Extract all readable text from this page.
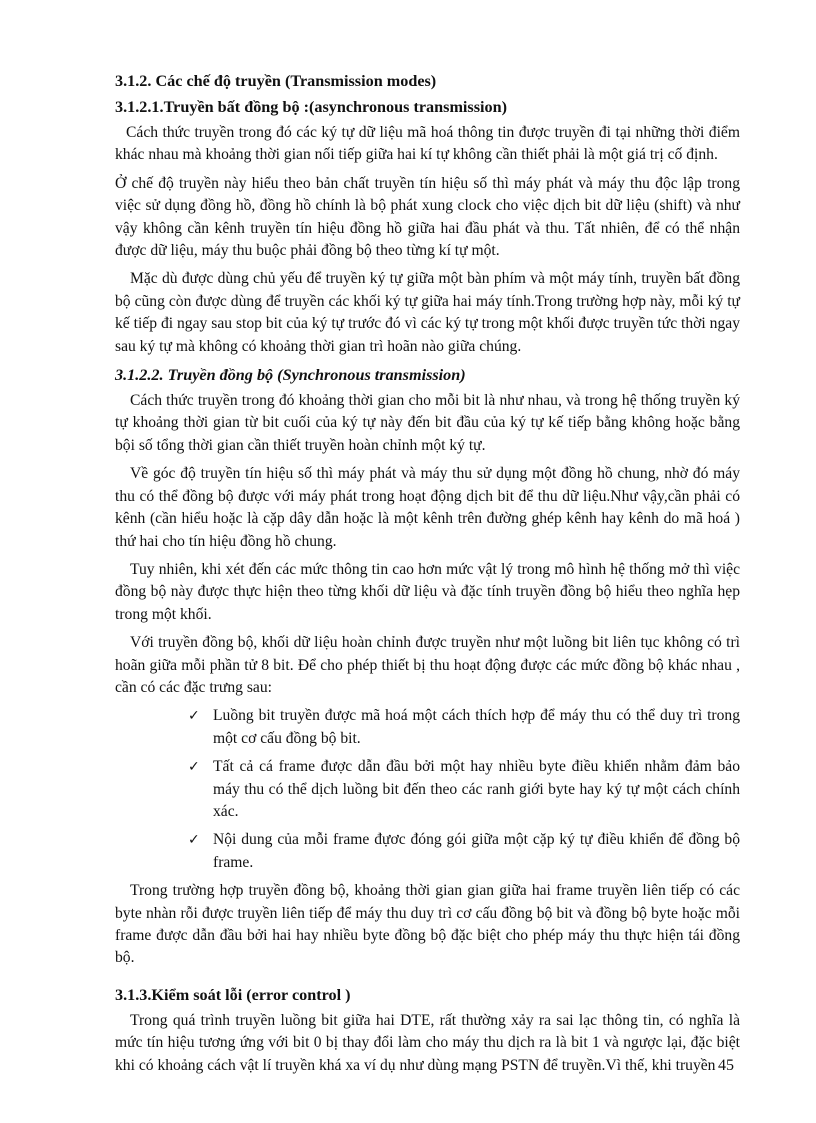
3.1.2. Các chế độ truyền (Transmission modes)
3.1.2.1.Truyền bất đồng bộ :(asynchronous transmission)

Cách thức truyền trong đó các ký tự dữ liệu mã hoá thông tin được truyền đi tại những thời điểm khác nhau mà khoảng thời gian nối tiếp giữa hai kí tự không cần thiết phải là một giá trị cố định.

Ở chế độ truyền này hiểu theo bản chất truyền tín hiệu số thì máy phát và máy thu độc lập trong việc sử dụng đồng hồ, đồng hồ chính là bộ phát xung clock cho việc dịch bit dữ liệu (shift) và như vậy không cần kênh truyền tín hiệu đồng hồ giữa hai đầu phát và thu. Tất nhiên, để có thể nhận được dữ liệu, máy thu buộc phải đồng bộ theo từng kí tự một.

Mặc dù được dùng chủ yếu để truyền ký tự giữa một bàn phím và một máy tính, truyền bất đồng bộ cũng còn được dùng để truyền các khối ký tự giữa hai máy tính.Trong trường hợp này, mỗi ký tự kế tiếp đi ngay sau stop bit của ký tự trước đó vì các ký tự trong một khối được truyền tức thời ngay sau ký tự mà không có khoảng thời gian trì hoãn nào giữa chúng.

3.1.2.2. Truyền đồng bộ (Synchronous transmission)

Cách thức truyền trong đó khoảng thời gian cho mỗi bit là như nhau, và trong hệ thống truyền ký tự khoảng thời gian từ bit cuối của ký tự này đến bit đầu của ký tự kế tiếp bằng không hoặc bằng bội số tổng thời gian cần thiết truyền hoàn chỉnh một ký tự.

Về góc độ truyền tín hiệu số thì máy phát và máy thu sử dụng một đồng hồ chung, nhờ đó máy thu có thể đồng bộ được với máy phát trong hoạt động dịch bit để thu dữ liệu.Như vậy,cần phải có kênh (cần hiểu hoặc là cặp dây dẫn hoặc là một kênh trên đường ghép kênh hay kênh do mã hoá ) thứ hai cho tín hiệu đồng hồ chung.

Tuy nhiên, khi xét đến các mức thông tin cao hơn mức vật lý trong mô hình hệ thống mở thì việc đồng bộ này được thực hiện theo từng khối dữ liệu và đặc tính truyền đồng bộ hiểu theo nghĩa hẹp trong một khối.

Với truyền đồng bộ, khối dữ liệu hoàn chỉnh được truyền như một luồng bit liên tục không có trì hoãn giữa mỗi phần tử 8 bit. Để cho phép thiết bị thu hoạt động được các mức đồng bộ khác nhau , cần có các đặc trưng sau:

✓ Luồng bit truyền được mã hoá một cách thích hợp để máy thu có thể duy trì trong một cơ cấu đồng bộ bit.
✓ Tất cả cá frame được dẫn đầu bởi một hay nhiều byte điều khiển nhằm đảm bảo máy thu có thể dịch luồng bit đến theo các ranh giới byte hay ký tự một cách chính xác.
✓ Nội dung của mỗi frame đựơc đóng gói giữa một cặp ký tự điều khiển để đồng bộ frame.

Trong trường hợp truyền đồng bộ, khoảng thời gian gian giữa hai frame truyền liên tiếp có các byte nhàn rỗi được truyền liên tiếp để máy thu duy trì cơ cấu đồng bộ bit và đồng bộ byte hoặc mỗi frame được dẫn đầu bởi hai hay nhiều byte đồng bộ đặc biệt cho phép máy thu thực hiện tái đồng bộ.

3.1.3.Kiểm soát lỗi (error control )

Trong quá trình truyền luồng bit giữa hai DTE, rất thường xảy ra sai lạc thông tin, có nghĩa là mức tín hiệu tương ứng với bit 0 bị thay đổi làm cho máy thu dịch ra là bit 1 và ngược lại, đặc biệt khi có khoảng cách vật lí truyền khá xa ví dụ như dùng mạng PSTN để truyền.Vì thế, khi truyền 45
